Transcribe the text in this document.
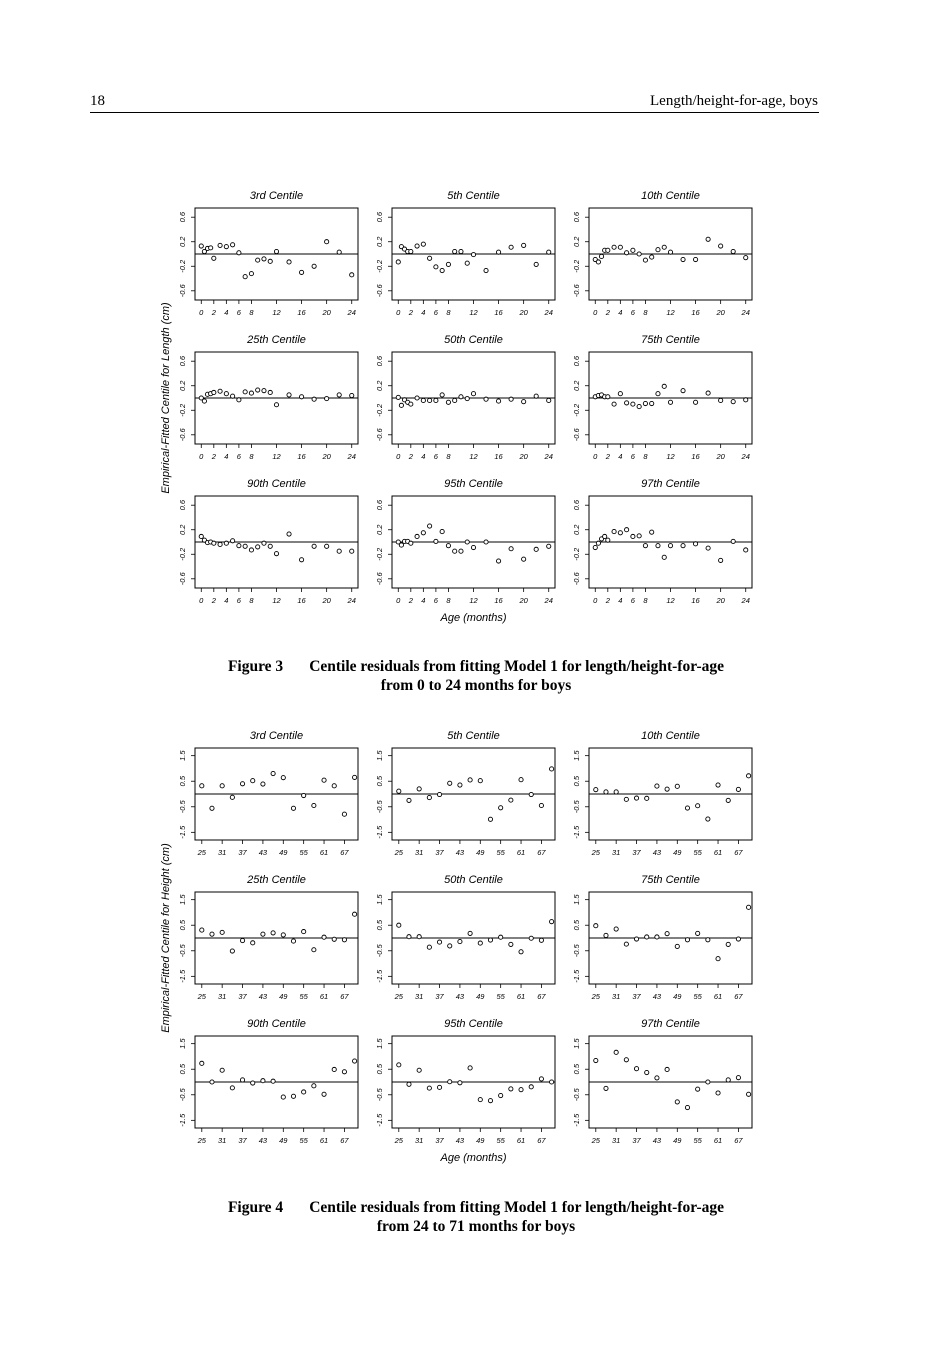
18	Length/height-for-age, boys
3rd Centile
0 2 4 6 8	12 16 20 24
-0.6
-0.2
0.2
0.6
5th Centile
0 2 4 6 8	12 16 20 24
-0.6
-0.2
0.2
0.6
10th Centile
0 2 4 6 8	12 16 20 24
-0.6
-0.2
0.2
0.6
25th Centile
0 2 4 6 8	12 16 20 24
-0.6
-0.2
0.2
0.6
50th Centile
0 2 4 6 8	12 16 20 24
-0.6
-0.2
0.2
0.6
75th Centile
0 2 4 6 8	12 16 20 24
-0.6
-0.2
0.2
0.6
90th Centile
0 2 4 6 8	12 16 20 24
-0.6
-0.2
0.2
0.6
95th Centile
0 2 4 6 8	12 16 20 24
-0.6
-0.2
0.2
0.6
97th Centile
0 2 4 6 8	12 16 20 24
-0.6
-0.2
0.2
0.6
Empirical-Fitted Centile for Length (cm)
Age (months)
Figure 3 Centile residuals from fitting Model 1 for length/height-for-age
from 0 to 24 months for boys
3rd Centile
25 31 37 43 49 55 61 67
-1.5
-0.5
0.5
1.5
5th Centile
25 31 37 43 49 55 61 67
-1.5
-0.5
0.5
1.5
10th Centile
25 31 37 43 49 55 61 67
-1.5
-0.5
0.5
1.5
25th Centile
25 31 37 43 49 55 61 67
-1.5
-0.5
0.5
1.5
50th Centile
25 31 37 43 49 55 61 67
-1.5
-0.5
0.5
1.5
75th Centile
25 31 37 43 49 55 61 67
-1.5
-0.5
0.5
1.5
90th Centile
25 31 37 43 49 55 61 67
-1.5
-0.5
0.5
1.5
95th Centile
25 31 37 43 49 55 61 67
-1.5
-0.5
0.5
1.5
97th Centile
25 31 37 43 49 55 61 67
-1.5
-0.5
0.5
1.5
Empirical-Fitted Centile for Height (cm)
Age (months)
Figure 4 Centile residuals from fitting Model 1 for length/height-for-age
from 24 to 71 months for boys
